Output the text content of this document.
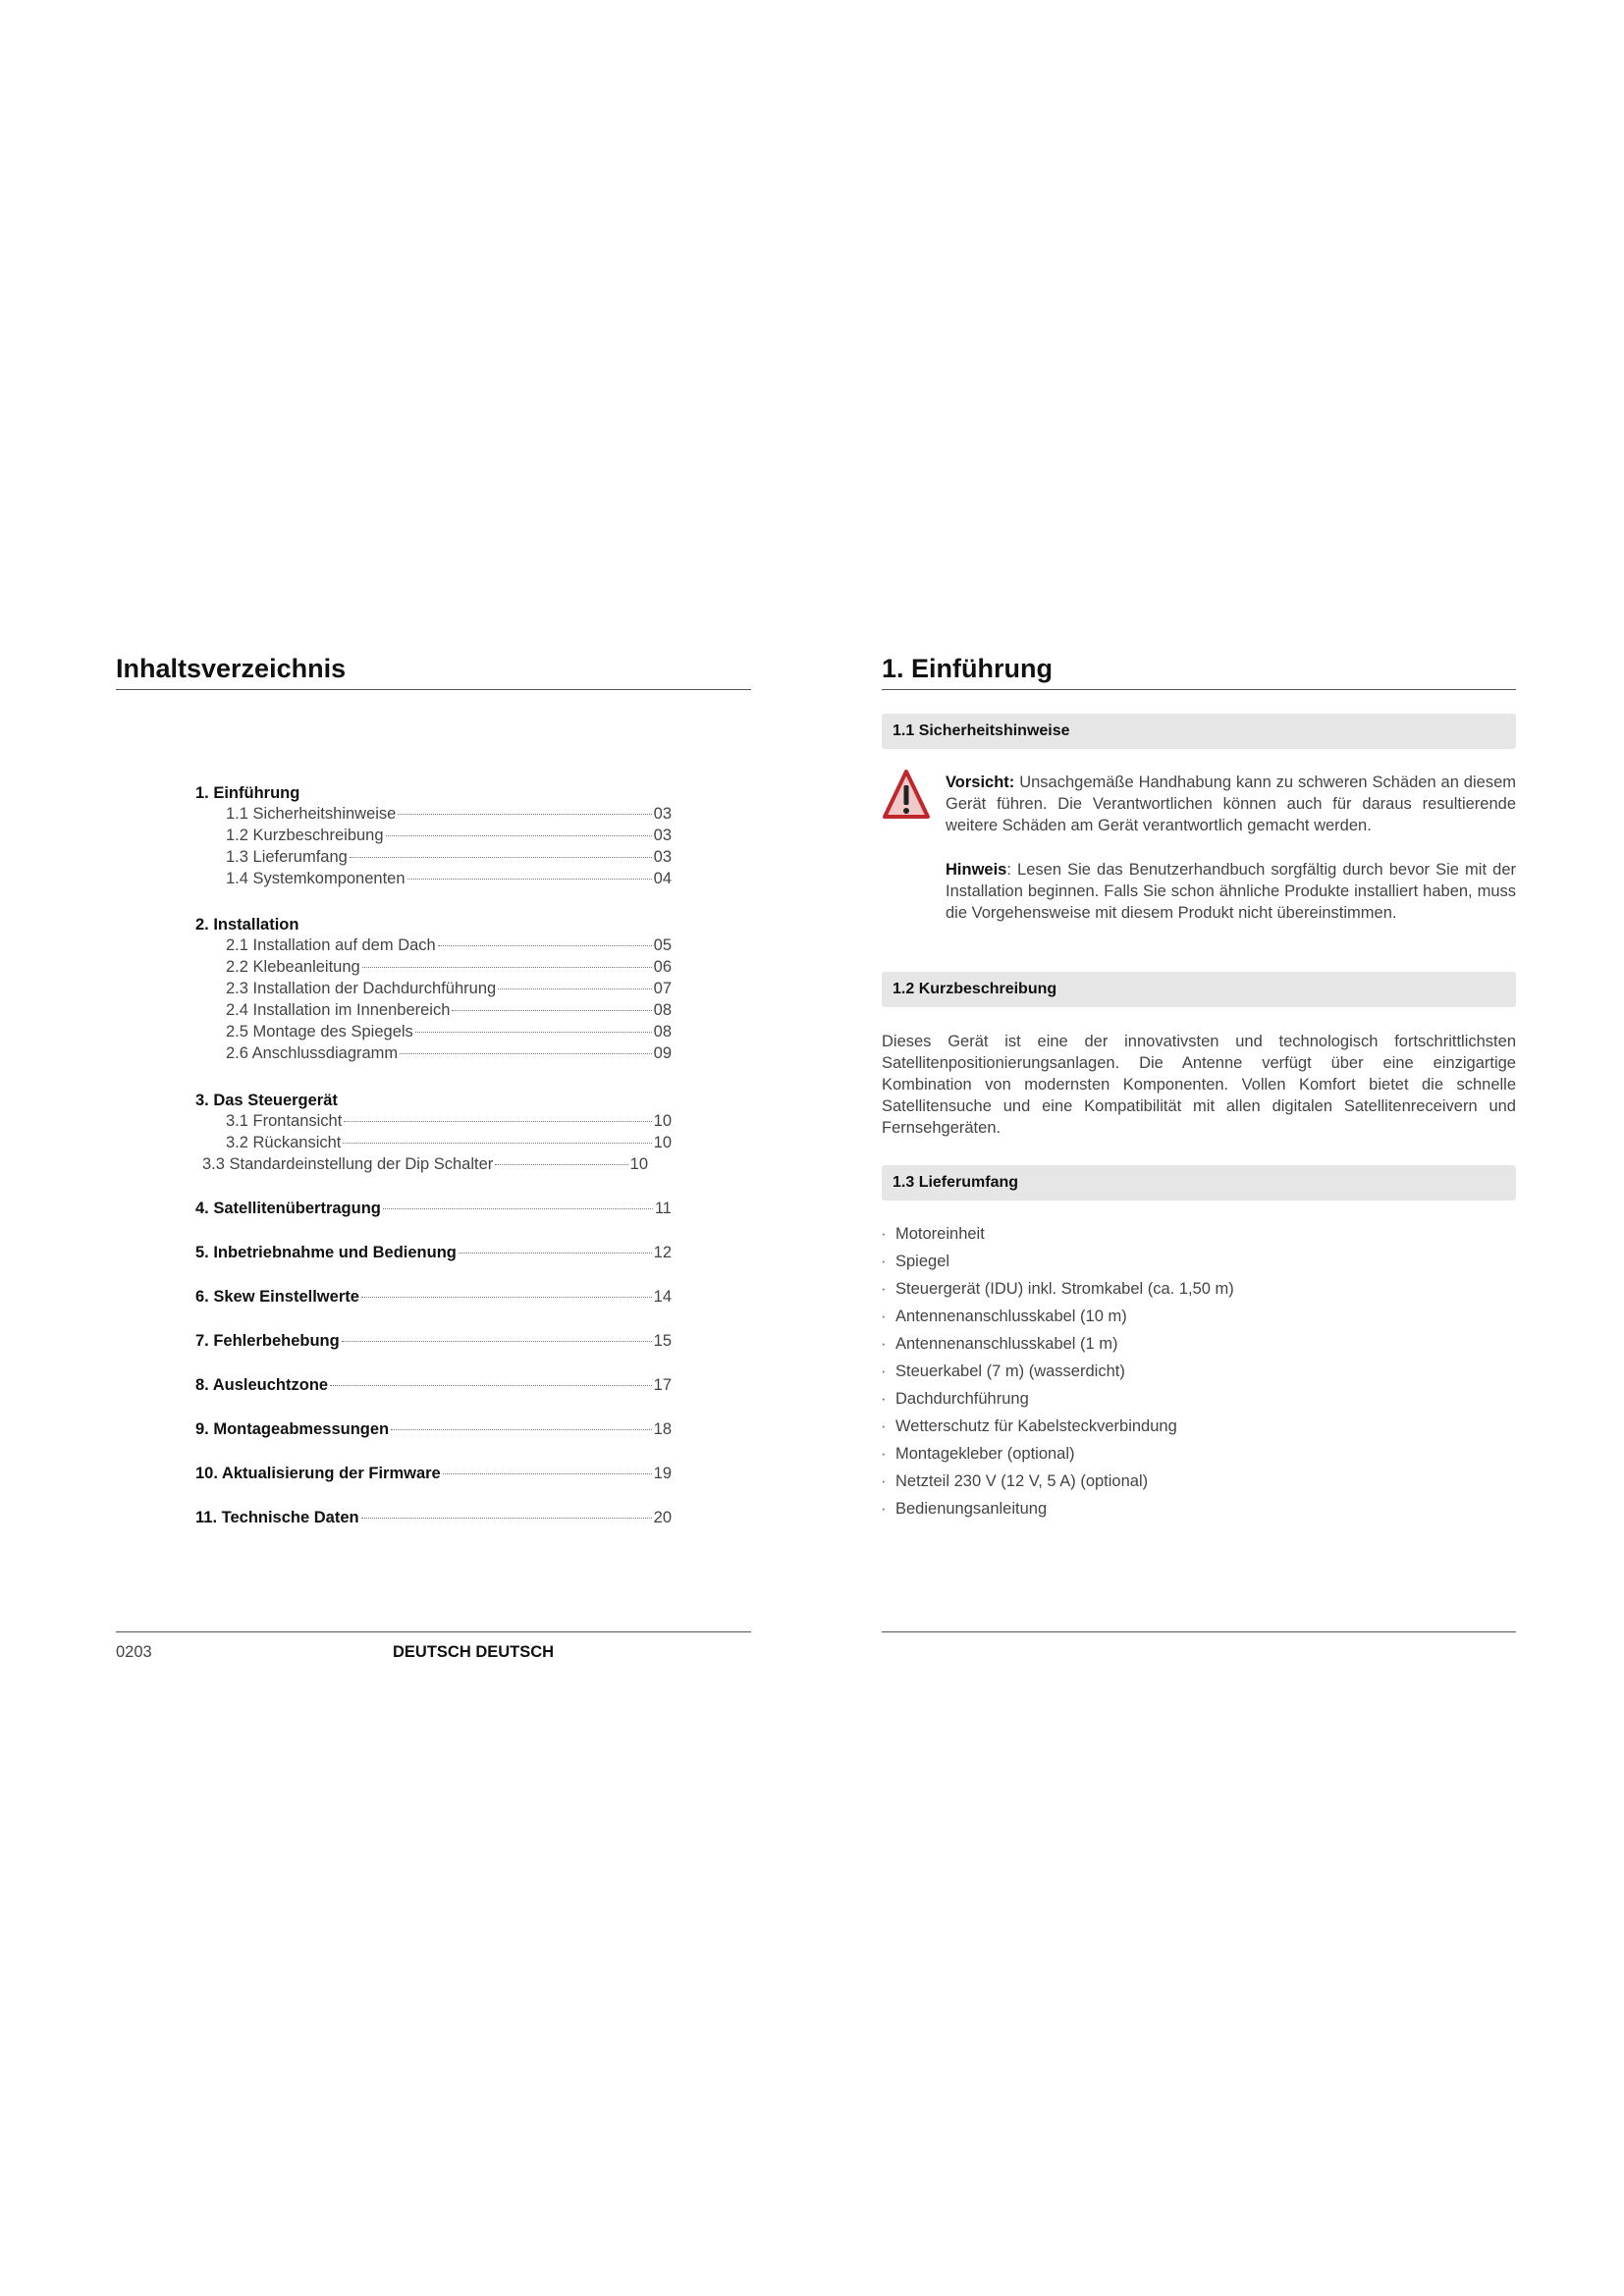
Inhaltsverzeichnis
1. Einführung
1.1 Sicherheitshinweise	03
1.2 Kurzbeschreibung	03
1.3 Lieferumfang	03
1.4 Systemkomponenten	04
2. Installation
2.1 Installation auf dem Dach	05
2.2 Klebeanleitung	06
2.3 Installation der Dachdurchführung	07
2.4 Installation im Innenbereich	08
2.5 Montage des Spiegels	08
2.6 Anschlussdiagramm	09
3. Das Steuergerät
3.1 Frontansicht	10
3.2 Rückansicht	10
3.3 Standardeinstellung der Dip Schalter	10
4. Satellitenübertragung	11
5. Inbetriebnahme und Bedienung	12
6. Skew Einstellwerte	14
7. Fehlerbehebung	15
8. Ausleuchtzone	17
9. Montageabmessungen	18
10. Aktualisierung der Firmware	19
11. Technische Daten	20
0203	DEUTSCH DEUTSCH
1. Einführung
1.1 Sicherheitshinweise
Vorsicht: Unsachgemäße Handhabung kann zu schweren Schäden an diesem Gerät führen. Die Verantwortlichen können auch für daraus resultierende weitere Schäden am Gerät verantwortlich gemacht werden.
Hinweis: Lesen Sie das Benutzerhandbuch sorgfältig durch bevor Sie mit der Installation beginnen. Falls Sie schon ähnliche Produkte installiert haben, muss die Vorgehensweise mit diesem Produkt nicht übereinstimmen.
1.2 Kurzbeschreibung
Dieses Gerät ist eine der innovativsten und technologisch fortschrittlichsten Satellitenpositionierungsanlagen. Die Antenne verfügt über eine einzigartige Kombination von modernsten Komponenten. Vollen Komfort bietet die schnelle Satellitensuche und eine Kompatibilität mit allen digitalen Satellitenreceivern und Fernsehgeräten.
1.3 Lieferumfang
· Motoreinheit
· Spiegel
· Steuergerät (IDU) inkl. Stromkabel (ca. 1,50 m)
· Antennenanschlusskabel (10 m)
· Antennenanschlusskabel (1 m)
· Steuerkabel (7 m) (wasserdicht)
· Dachdurchführung
· Wetterschutz für Kabelsteckverbindung
· Montagekleber (optional)
· Netzteil 230 V (12 V, 5 A) (optional)
· Bedienungsanleitung
